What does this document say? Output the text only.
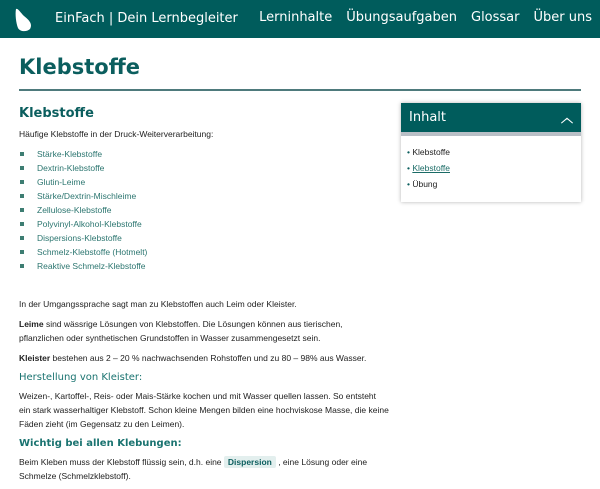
EinFach | Dein Lernbegleiter Lerninhalte Übungsaufgaben Glossar Über uns
Klebstoffe
Klebstoffe

Häufige Klebstoffe in der Druck-Weiterverarbeitung:

Stärke-Klebstoffe
Dextrin-Klebstoffe
Glutin-Leime
Stärke/Dextrin-Mischleime
Zellulose-Klebstoffe
Polyvinyl-Alkohol-Klebstoffe
Dispersions-Klebstoffe
Schmelz-Klebstoffe (Hotmelt)
Reaktive Schmelz-Klebstoffe

In der Umgangssprache sagt man zu Klebstoffen auch Leim oder Kleister.

Leime sind wässrige Lösungen von Klebstoffen. Die Lösungen können aus tierischen, pflanzlichen oder synthetischen Grundstoffen in Wasser zusammengesetzt sein.

Kleister bestehen aus 2 – 20 % nachwachsenden Rohstoffen und zu 80 – 98% aus Wasser.

Herstellung von Kleister:

Weizen-, Kartoffel-, Reis- oder Mais-Stärke kochen und mit Wasser quellen lassen. So entsteht ein stark wasserhaltiger Klebstoff. Schon kleine Mengen bilden eine hochviskose Masse, die keine Fäden zieht (im Gegensatz zu den Leimen).

Wichtig bei allen Klebungen:

Beim Kleben muss der Klebstoff flüssig sein, d.h. eine Dispersion , eine Lösung oder eine Schmelze (Schmelzklebstoff).

Inhalt	︿
• Klebstoffe
• Klebstoffe
• Übung
